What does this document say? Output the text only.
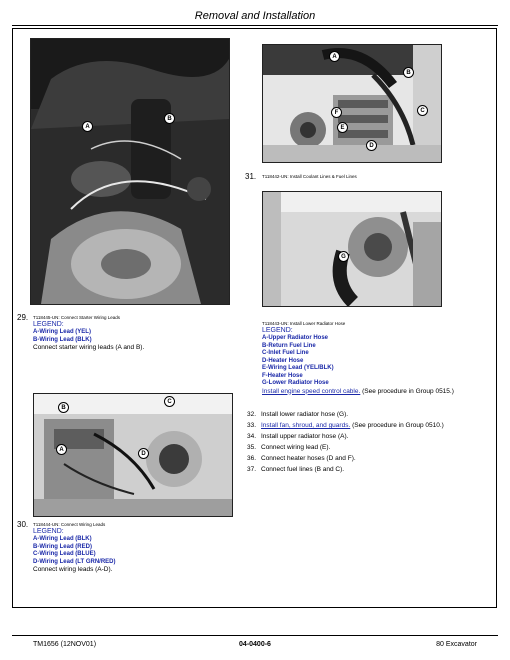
Removal and Installation
A
B
A
B
C
F
E
D
31. T118442-UN: Install Coolant Lines & Fuel Lines
G
29. T118445-UN: Connect Starter Wiring Leads
LEGEND:
A-Wiring Lead (YEL)
B-Wiring Lead (BLK)
Connect starter wiring leads (A and B).
T118443-UN: Install Lower Radiator Hose
LEGEND:
A-Upper Radiator Hose
B-Return Fuel Line
C-Inlet Fuel Line
D-Heater Hose
E-Wiring Lead (YEL/BLK)
F-Heater Hose
G-Lower Radiator Hose
Install engine speed control cable. (See procedure in Group 0515.)
B
C
A
D
32. Install lower radiator hose (G).
33. Install fan, shroud, and guards. (See procedure in Group 0510.)
34. Install upper radiator hose (A).
35. Connect wiring lead (E).
36. Connect heater hoses (D and F).
37. Connect fuel lines (B and C).
30. T118444-UN: Connect Wiring Leads
LEGEND:
A-Wiring Lead (BLK)
B-Wiring Lead (RED)
C-Wiring Lead (BLUE)
D-Wiring Lead (LT GRN/RED)
Connect wiring leads (A-D).
TM1656 (12NOV01)	04-0400-6	80 Excavator
